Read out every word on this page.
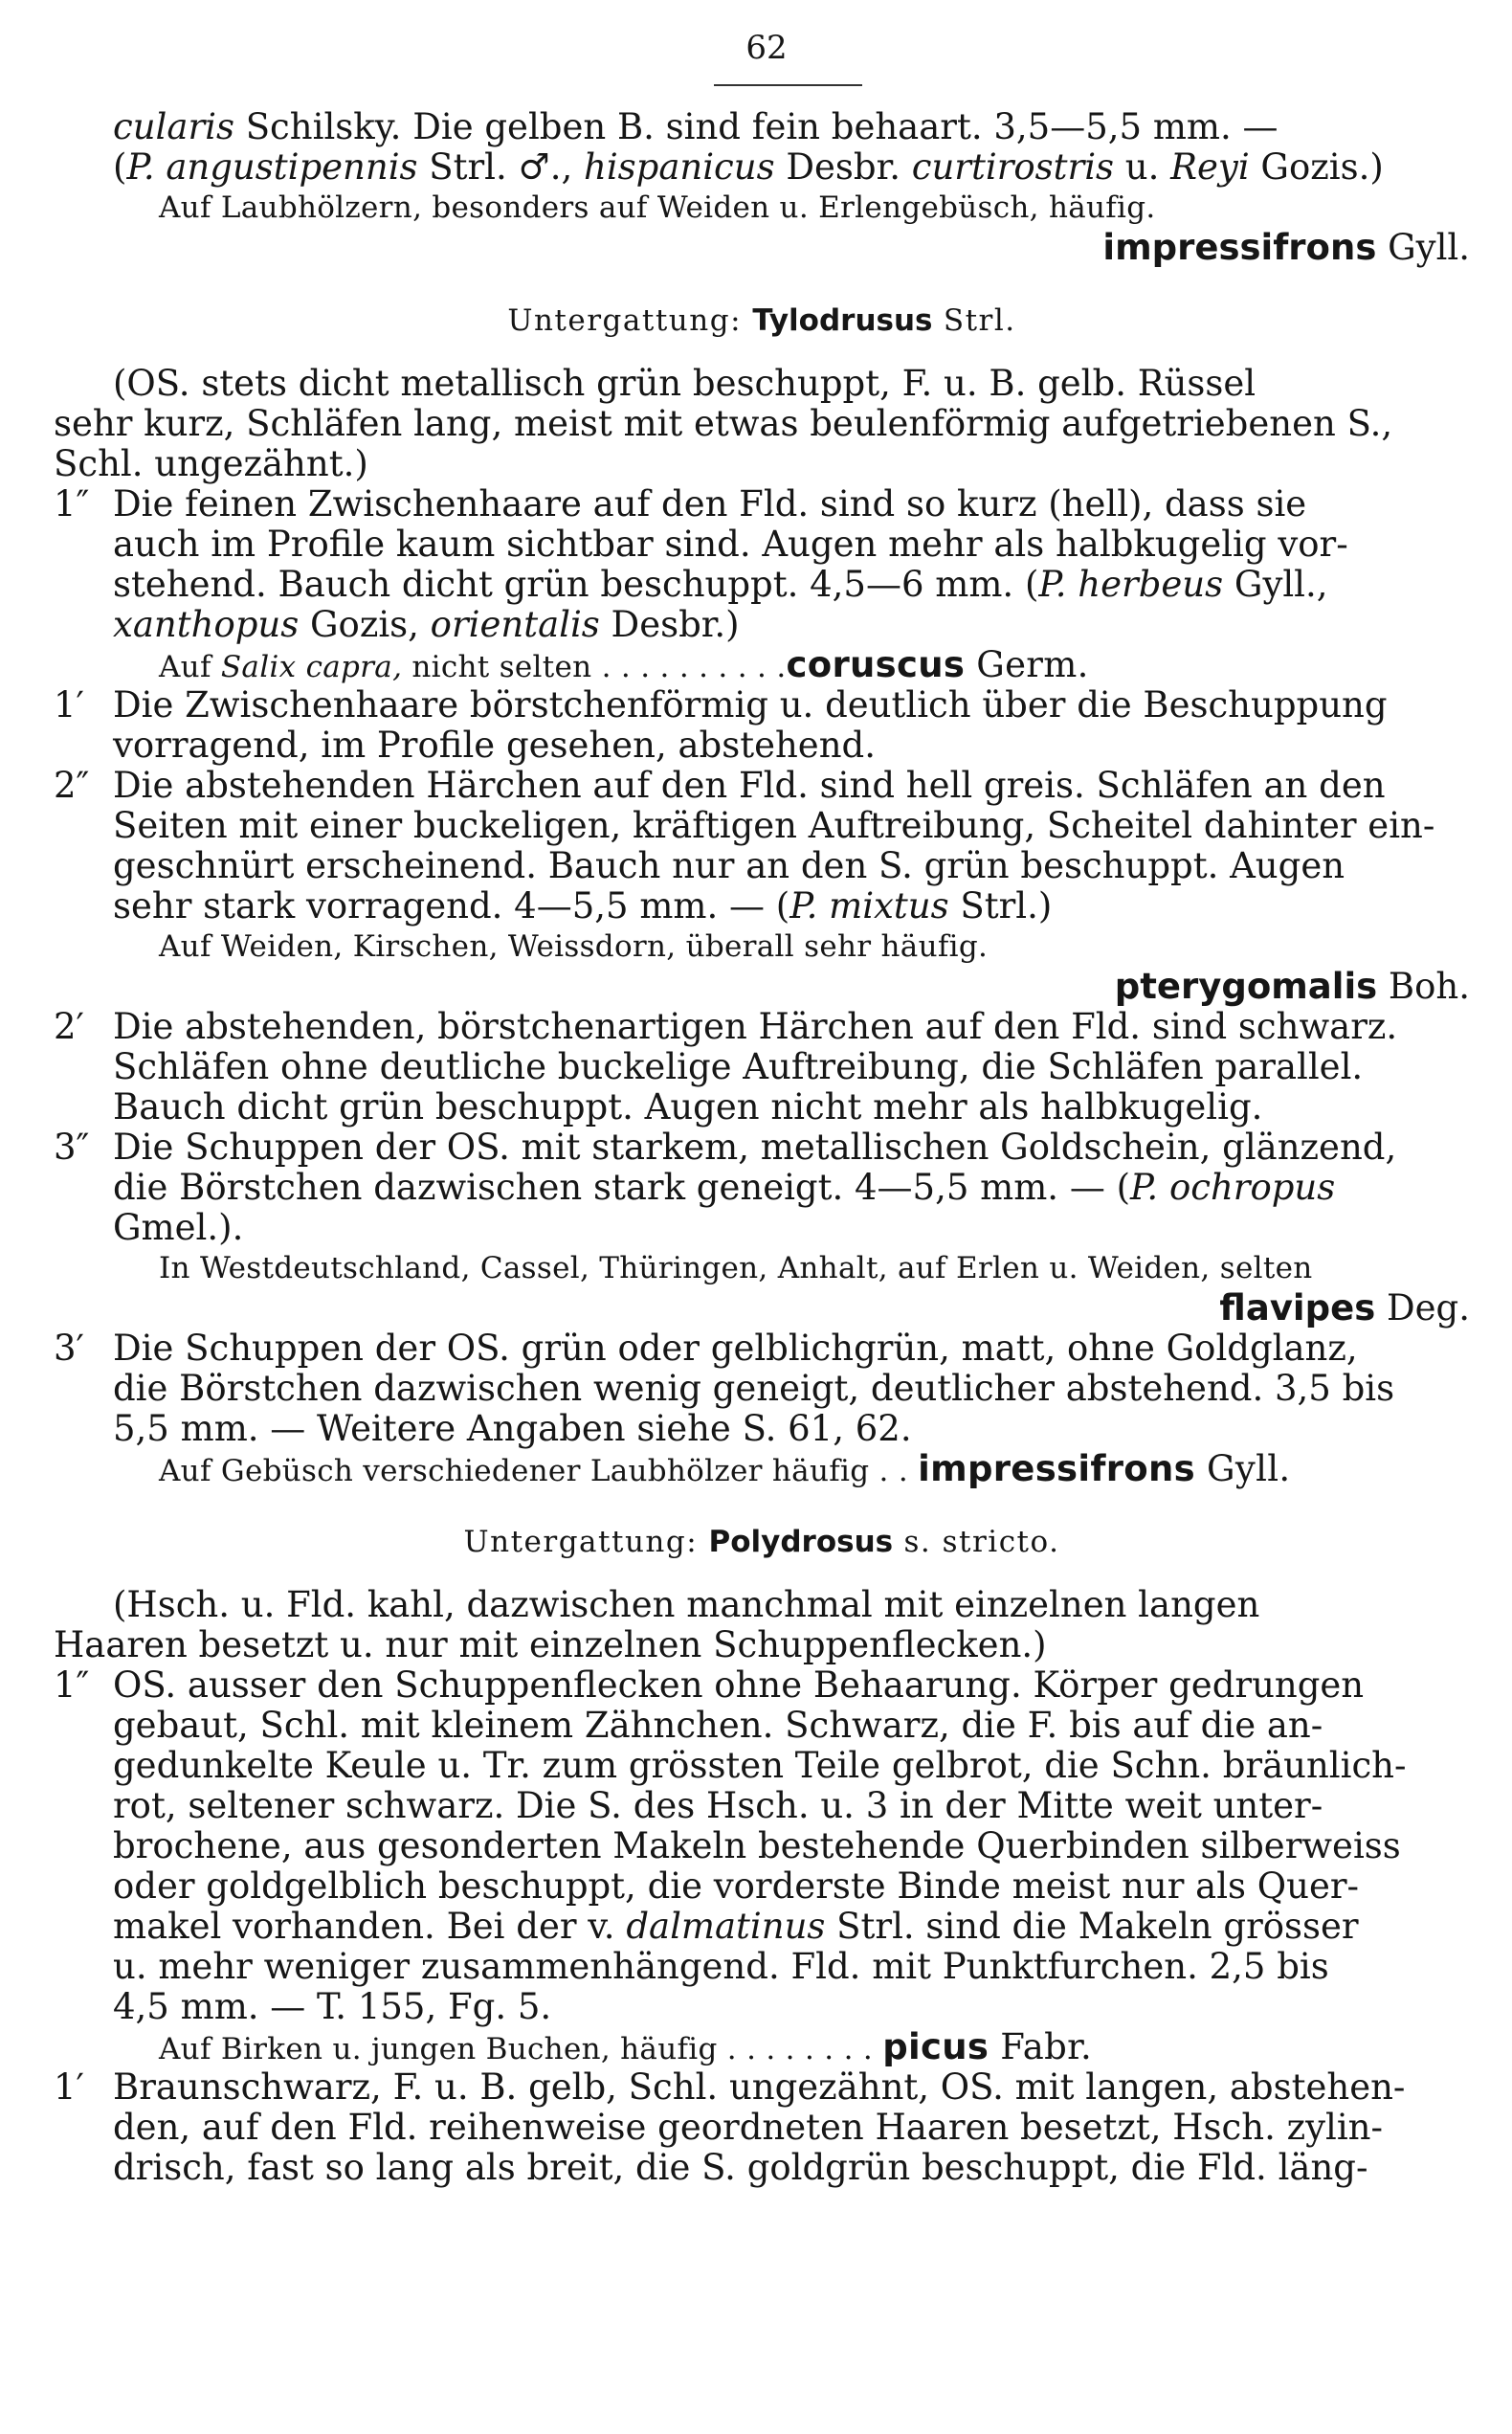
62
cularis Schilsky. Die gelben B. sind fein behaart. 3,5—5,5 mm. —
(P. angustipennis Strl. ♂., hispanicus Desbr. curtirostris u. Reyi Gozis.)
Auf Laubhölzern, besonders auf Weiden u. Erlengebüsch, häufig.
impressifrons Gyll.
Untergattung: Tylodrusus Strl.
(OS. stets dicht metallisch grün beschuppt, F. u. B. gelb. Rüssel
sehr kurz, Schläfen lang, meist mit etwas beulenförmig aufgetriebenen S.,
Schl. ungezähnt.)
1″ Die feinen Zwischenhaare auf den Fld. sind so kurz (hell), dass sie
auch im Profile kaum sichtbar sind. Augen mehr als halbkugelig vor-
stehend. Bauch dicht grün beschuppt. 4,5—6 mm. (P. herbeus Gyll.,
xanthopus Gozis, orientalis Desbr.)
Auf Salix capra, nicht selten . . . . . . . . . .coruscus Germ.
1′ Die Zwischenhaare börstchenförmig u. deutlich über die Beschuppung
vorragend, im Profile gesehen, abstehend.
2″ Die abstehenden Härchen auf den Fld. sind hell greis. Schläfen an den
Seiten mit einer buckeligen, kräftigen Auftreibung, Scheitel dahinter ein-
geschnürt erscheinend. Bauch nur an den S. grün beschuppt. Augen
sehr stark vorragend. 4—5,5 mm. — (P. mixtus Strl.)
Auf Weiden, Kirschen, Weissdorn, überall sehr häufig.
pterygomalis Boh.
2′ Die abstehenden, börstchenartigen Härchen auf den Fld. sind schwarz.
Schläfen ohne deutliche buckelige Auftreibung, die Schläfen parallel.
Bauch dicht grün beschuppt. Augen nicht mehr als halbkugelig.
3″ Die Schuppen der OS. mit starkem, metallischen Goldschein, glänzend,
die Börstchen dazwischen stark geneigt. 4—5,5 mm. — (P. ochropus
Gmel.).
In Westdeutschland, Cassel, Thüringen, Anhalt, auf Erlen u. Weiden, selten
flavipes Deg.
3′ Die Schuppen der OS. grün oder gelblichgrün, matt, ohne Goldglanz,
die Börstchen dazwischen wenig geneigt, deutlicher abstehend. 3,5 bis
5,5 mm. — Weitere Angaben siehe S. 61, 62.
Auf Gebüsch verschiedener Laubhölzer häufig . . impressifrons Gyll.
Untergattung: Polydrosus s. stricto.
(Hsch. u. Fld. kahl, dazwischen manchmal mit einzelnen langen
Haaren besetzt u. nur mit einzelnen Schuppenflecken.)
1″ OS. ausser den Schuppenflecken ohne Behaarung. Körper gedrungen
gebaut, Schl. mit kleinem Zähnchen. Schwarz, die F. bis auf die an-
gedunkelte Keule u. Tr. zum grössten Teile gelbrot, die Schn. bräunlich-
rot, seltener schwarz. Die S. des Hsch. u. 3 in der Mitte weit unter-
brochene, aus gesonderten Makeln bestehende Querbinden silberweiss
oder goldgelblich beschuppt, die vorderste Binde meist nur als Quer-
makel vorhanden. Bei der v. dalmatinus Strl. sind die Makeln grösser
u. mehr weniger zusammenhängend. Fld. mit Punktfurchen. 2,5 bis
4,5 mm. — T. 155, Fg. 5.
Auf Birken u. jungen Buchen, häufig . . . . . . . . picus Fabr.
1′ Braunschwarz, F. u. B. gelb, Schl. ungezähnt, OS. mit langen, abstehen-
den, auf den Fld. reihenweise geordneten Haaren besetzt, Hsch. zylin-
drisch, fast so lang als breit, die S. goldgrün beschuppt, die Fld. läng-
